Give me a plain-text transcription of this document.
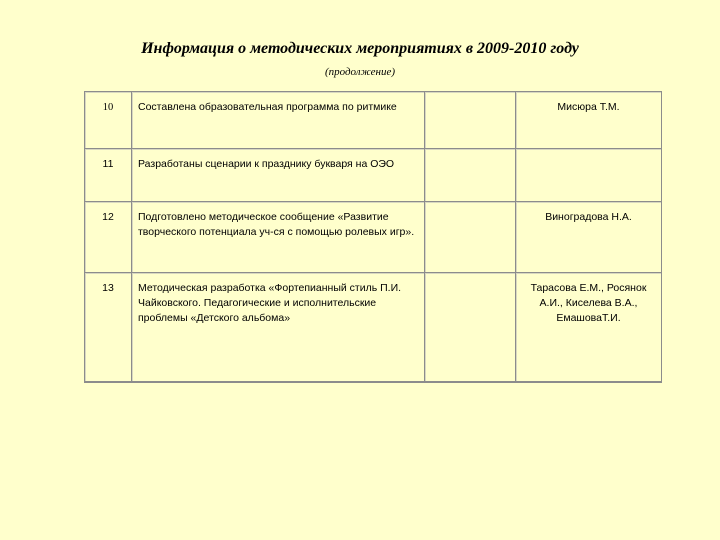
Информация о методических мероприятиях в 2009-2010 году
(продолжение)
10	Составлена образовательная программа по ритмике		Мисюра Т.М.
11	Разработаны сценарии к празднику букваря на ОЭО		
12	Подготовлено методическое сообщение «Развитие творческого потенциала уч-ся с помощью ролевых игр».		Виноградова Н.А.
13	Методическая разработка «Фортепианный стиль П.И. Чайковского. Педагогические и исполнительские проблемы «Детского альбома»		Тарасова Е.М., Росянок А.И., Киселева В.А., ЕмашоваТ.И.
